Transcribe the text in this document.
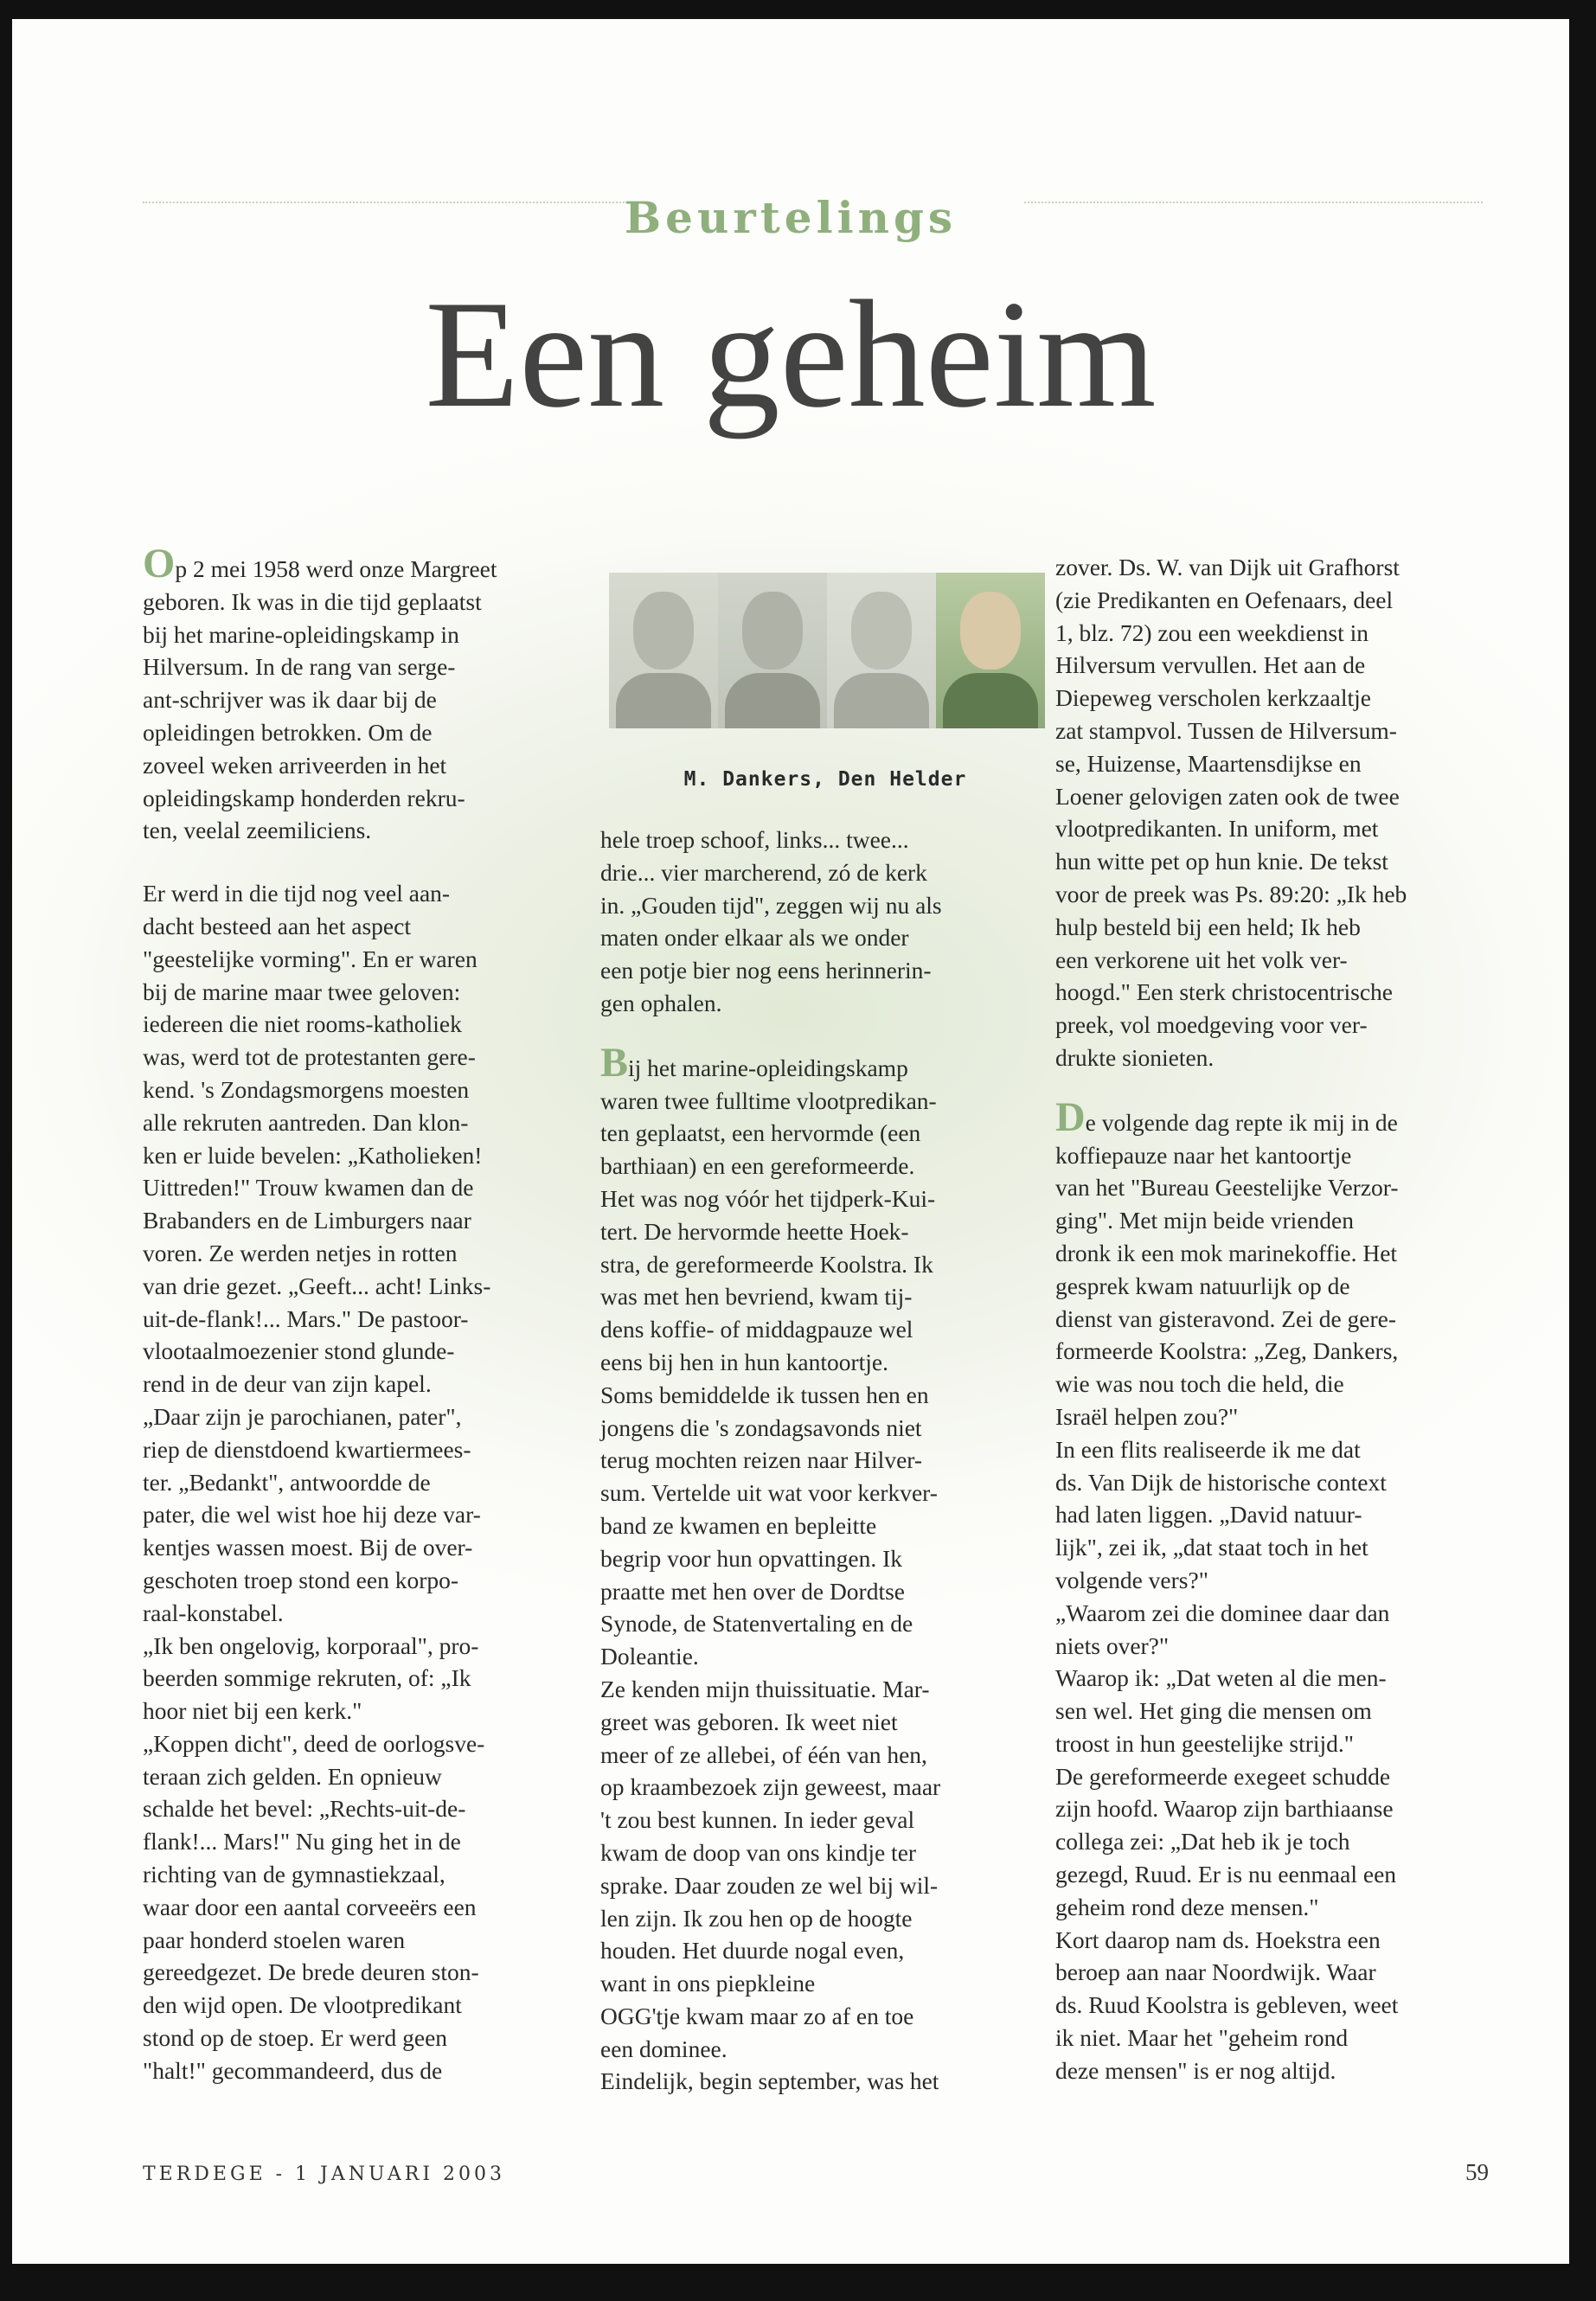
Beurtelings
Een geheim

Op 2 mei 1958 werd onze Margreet
geboren. Ik was in die tijd geplaatst
bij het marine-opleidingskamp in
Hilversum. In de rang van serge-
ant-schrijver was ik daar bij de
opleidingen betrokken. Om de
zoveel weken arriveerden in het
opleidingskamp honderden rekru-
ten, veelal zeemiliciens.

Er werd in die tijd nog veel aan-
dacht besteed aan het aspect
"geestelijke vorming". En er waren
bij de marine maar twee geloven:
iedereen die niet rooms-katholiek
was, werd tot de protestanten gere-
kend. 's Zondagsmorgens moesten
alle rekruten aantreden. Dan klon-
ken er luide bevelen: „Katholieken!
Uittreden!" Trouw kwamen dan de
Brabanders en de Limburgers naar
voren. Ze werden netjes in rotten
van drie gezet. „Geeft... acht! Links-
uit-de-flank!... Mars." De pastoor-
vlootaalmoezenier stond glunde-
rend in de deur van zijn kapel.
„Daar zijn je parochianen, pater",
riep de dienstdoend kwartiermees-
ter. „Bedankt", antwoordde de
pater, die wel wist hoe hij deze var-
kentjes wassen moest. Bij de over-
geschoten troep stond een korpo-
raal-konstabel.
„Ik ben ongelovig, korporaal", pro-
beerden sommige rekruten, of: „Ik
hoor niet bij een kerk."
„Koppen dicht", deed de oorlogsve-
teraan zich gelden. En opnieuw
schalde het bevel: „Rechts-uit-de-
flank!... Mars!" Nu ging het in de
richting van de gymnastiekzaal,
waar door een aantal corveeërs een
paar honderd stoelen waren
gereedgezet. De brede deuren ston-
den wijd open. De vlootpredikant
stond op de stoep. Er werd geen
"halt!" gecommandeerd, dus de

M. Dankers, Den Helder

hele troep schoof, links... twee...
drie... vier marcherend, zó de kerk
in. „Gouden tijd", zeggen wij nu als
maten onder elkaar als we onder
een potje bier nog eens herinnerin-
gen ophalen.

Bij het marine-opleidingskamp
waren twee fulltime vlootpredikan-
ten geplaatst, een hervormde (een
barthiaan) en een gereformeerde.
Het was nog vóór het tijdperk-Kui-
tert. De hervormde heette Hoek-
stra, de gereformeerde Koolstra. Ik
was met hen bevriend, kwam tij-
dens koffie- of middagpauze wel
eens bij hen in hun kantoortje.
Soms bemiddelde ik tussen hen en
jongens die 's zondagsavonds niet
terug mochten reizen naar Hilver-
sum. Vertelde uit wat voor kerkver-
band ze kwamen en bepleitte
begrip voor hun opvattingen. Ik
praatte met hen over de Dordtse
Synode, de Statenvertaling en de
Doleantie.
Ze kenden mijn thuissituatie. Mar-
greet was geboren. Ik weet niet
meer of ze allebei, of één van hen,
op kraambezoek zijn geweest, maar
't zou best kunnen. In ieder geval
kwam de doop van ons kindje ter
sprake. Daar zouden ze wel bij wil-
len zijn. Ik zou hen op de hoogte
houden. Het duurde nogal even,
want in ons piepkleine
OGG'tje kwam maar zo af en toe
een dominee.
Eindelijk, begin september, was het

zover. Ds. W. van Dijk uit Grafhorst
(zie Predikanten en Oefenaars, deel
1, blz. 72) zou een weekdienst in
Hilversum vervullen. Het aan de
Diepeweg verscholen kerkzaaltje
zat stampvol. Tussen de Hilversum-
se, Huizense, Maartensdijkse en
Loener gelovigen zaten ook de twee
vlootpredikanten. In uniform, met
hun witte pet op hun knie. De tekst
voor de preek was Ps. 89:20: „Ik heb
hulp besteld bij een held; Ik heb
een verkorene uit het volk ver-
hoogd." Een sterk christocentrische
preek, vol moedgeving voor ver-
drukte sionieten.

De volgende dag repte ik mij in de
koffiepauze naar het kantoortje
van het "Bureau Geestelijke Verzor-
ging". Met mijn beide vrienden
dronk ik een mok marinekoffie. Het
gesprek kwam natuurlijk op de
dienst van gisteravond. Zei de gere-
formeerde Koolstra: „Zeg, Dankers,
wie was nou toch die held, die
Israël helpen zou?"
In een flits realiseerde ik me dat
ds. Van Dijk de historische context
had laten liggen. „David natuur-
lijk", zei ik, „dat staat toch in het
volgende vers?"
„Waarom zei die dominee daar dan
niets over?"
Waarop ik: „Dat weten al die men-
sen wel. Het ging die mensen om
troost in hun geestelijke strijd."
De gereformeerde exegeet schudde
zijn hoofd. Waarop zijn barthiaanse
collega zei: „Dat heb ik je toch
gezegd, Ruud. Er is nu eenmaal een
geheim rond deze mensen."
Kort daarop nam ds. Hoekstra een
beroep aan naar Noordwijk. Waar
ds. Ruud Koolstra is gebleven, weet
ik niet. Maar het "geheim rond
deze mensen" is er nog altijd.

TERDEGE - 1 JANUARI 2003	59
